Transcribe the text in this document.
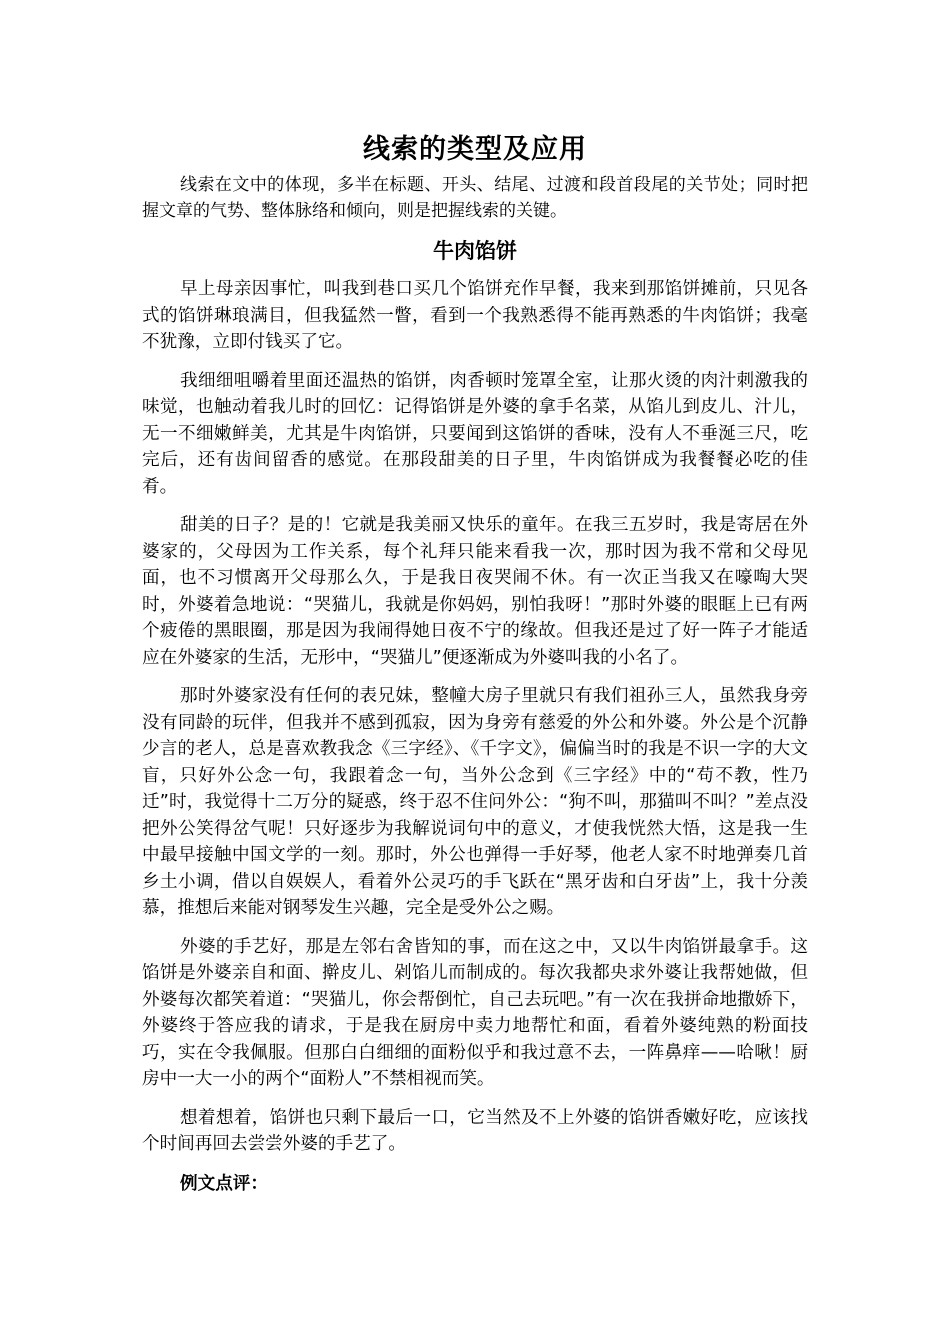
线索的类型及应用

线索在文中的体现，多半在标题、开头、结尾、过渡和段首段尾的关节处；同时把握文章的气势、整体脉络和倾向，则是把握线索的关键。

牛肉馅饼

早上母亲因事忙，叫我到巷口买几个馅饼充作早餐，我来到那馅饼摊前，只见各式的馅饼琳琅满目，但我猛然一瞥，看到一个我熟悉得不能再熟悉的牛肉馅饼；我毫不犹豫，立即付钱买了它。

我细细咀嚼着里面还温热的馅饼，肉香顿时笼罩全室，让那火烫的肉汁刺激我的味觉，也触动着我儿时的回忆：记得馅饼是外婆的拿手名菜，从馅儿到皮儿、汁儿，无一不细嫩鲜美，尤其是牛肉馅饼，只要闻到这馅饼的香味，没有人不垂涎三尺，吃完后，还有齿间留香的感觉。在那段甜美的日子里，牛肉馅饼成为我餐餐必吃的佳肴。

甜美的日子？是的！它就是我美丽又快乐的童年。在我三五岁时，我是寄居在外婆家的，父母因为工作关系，每个礼拜只能来看我一次，那时因为我不常和父母见面，也不习惯离开父母那么久，于是我日夜哭闹不休。有一次正当我又在嚎啕大哭时，外婆着急地说：“哭猫儿，我就是你妈妈，别怕我呀！”那时外婆的眼眶上已有两个疲倦的黑眼圈，那是因为我闹得她日夜不宁的缘故。但我还是过了好一阵子才能适应在外婆家的生活，无形中，“哭猫儿”便逐渐成为外婆叫我的小名了。

那时外婆家没有任何的表兄妹，整幢大房子里就只有我们祖孙三人，虽然我身旁没有同龄的玩伴，但我并不感到孤寂，因为身旁有慈爱的外公和外婆。外公是个沉静少言的老人，总是喜欢教我念《三字经》、《千字文》，偏偏当时的我是不识一字的大文盲，只好外公念一句，我跟着念一句，当外公念到《三字经》中的“苟不教，性乃迁”时，我觉得十二万分的疑惑，终于忍不住问外公：“狗不叫，那猫叫不叫？”差点没把外公笑得岔气呢！只好逐步为我解说词句中的意义，才使我恍然大悟，这是我一生中最早接触中国文学的一刻。那时，外公也弹得一手好琴，他老人家不时地弹奏几首乡土小调，借以自娱娱人，看着外公灵巧的手飞跃在“黑牙齿和白牙齿”上，我十分羡慕，推想后来能对钢琴发生兴趣，完全是受外公之赐。

外婆的手艺好，那是左邻右舍皆知的事，而在这之中，又以牛肉馅饼最拿手。这馅饼是外婆亲自和面、擀皮儿、剁馅儿而制成的。每次我都央求外婆让我帮她做，但外婆每次都笑着道：“哭猫儿，你会帮倒忙，自己去玩吧。”有一次在我拼命地撒娇下，外婆终于答应我的请求，于是我在厨房中卖力地帮忙和面，看着外婆纯熟的粉面技巧，实在令我佩服。但那白白细细的面粉似乎和我过意不去，一阵鼻痒——哈啾！厨房中一大一小的两个“面粉人”不禁相视而笑。

想着想着，馅饼也只剩下最后一口，它当然及不上外婆的馅饼香嫩好吃，应该找个时间再回去尝尝外婆的手艺了。

例文点评：
